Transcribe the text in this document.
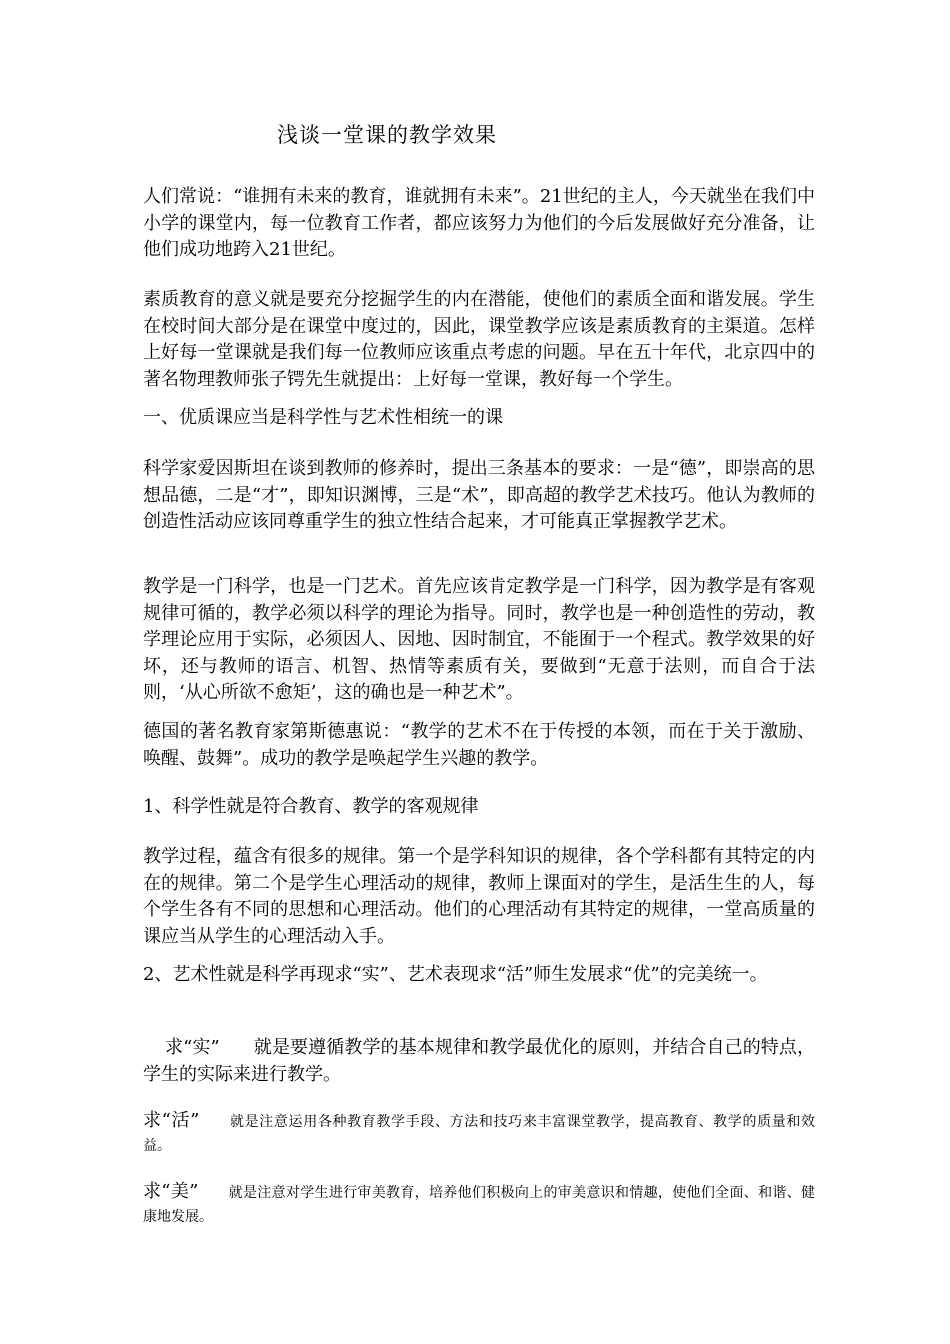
浅谈一堂课的教学效果
人们常说：“谁拥有未来的教育，谁就拥有未来”。21世纪的主人，今天就坐在我们中小学的课堂内，每一位教育工作者，都应该努力为他们的今后发展做好充分准备，让他们成功地跨入21世纪。
素质教育的意义就是要充分挖掘学生的内在潜能，使他们的素质全面和谐发展。学生在校时间大部分是在课堂中度过的，因此，课堂教学应该是素质教育的主渠道。怎样上好每一堂课就是我们每一位教师应该重点考虑的问题。早在五十年代，北京四中的著名物理教师张子锷先生就提出：上好每一堂课，教好每一个学生。
一、优质课应当是科学性与艺术性相统一的课
科学家爱因斯坦在谈到教师的修养时，提出三条基本的要求：一是“德”，即崇高的思想品德，二是“才”，即知识渊博，三是“术”，即高超的教学艺术技巧。他认为教师的创造性活动应该同尊重学生的独立性结合起来，才可能真正掌握教学艺术。
教学是一门科学，也是一门艺术。首先应该肯定教学是一门科学，因为教学是有客观规律可循的，教学必须以科学的理论为指导。同时，教学也是一种创造性的劳动，教学理论应用于实际，必须因人、因地、因时制宜，不能囿于一个程式。教学效果的好坏，还与教师的语言、机智、热情等素质有关，要做到“无意于法则，而自合于法则，‘从心所欲不愈矩’，这的确也是一种艺术”。
德国的著名教育家第斯德惠说：“教学的艺术不在于传授的本领，而在于关于激励、唤醒、鼓舞”。成功的教学是唤起学生兴趣的教学。
1、科学性就是符合教育、教学的客观规律
教学过程，蕴含有很多的规律。第一个是学科知识的规律，各个学科都有其特定的内在的规律。第二个是学生心理活动的规律，教师上课面对的学生，是活生生的人，每个学生各有不同的思想和心理活动。他们的心理活动有其特定的规律，一堂高质量的课应当从学生的心理活动入手。
2、艺术性就是科学再现求“实”、艺术表现求“活”师生发展求“优”的完美统一。
求“实” 就是要遵循教学的基本规律和教学最优化的原则，并结合自己的特点，学生的实际来进行教学。
求“活” 就是注意运用各种教育教学手段、方法和技巧来丰富课堂教学，提高教育、教学的质量和效益。
求“美” 就是注意对学生进行审美教育，培养他们积极向上的审美意识和情趣，使他们全面、和谐、健康地发展。
